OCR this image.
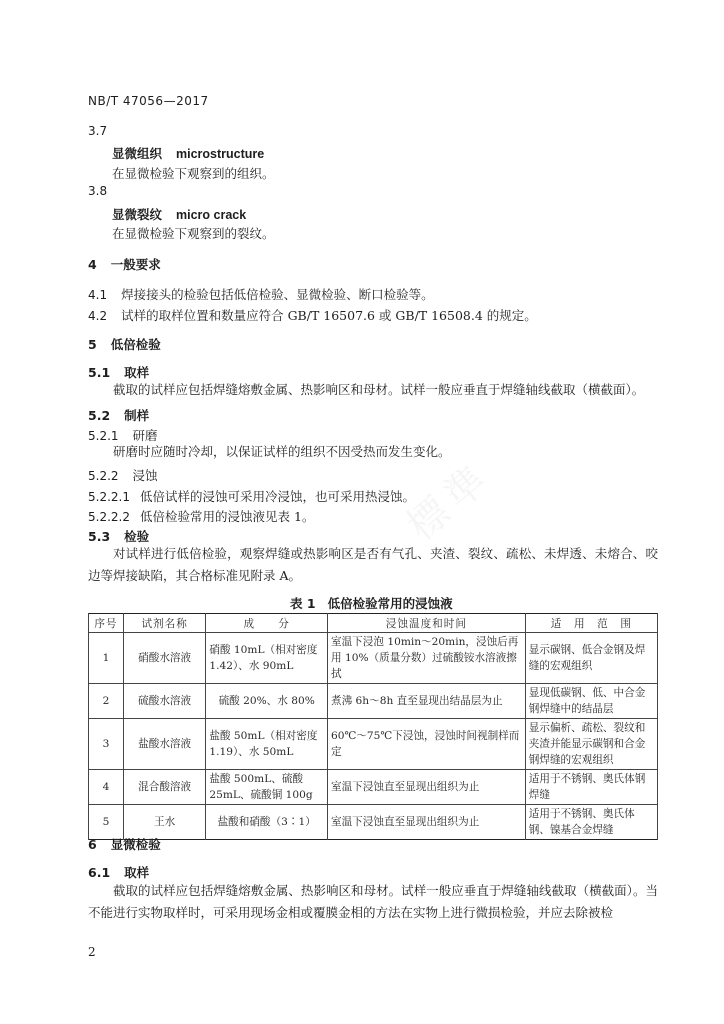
標準
NB/T 47056—2017
3.7
显微组织 microstructure
在显微检验下观察到的组织。
3.8
显微裂纹 micro crack
在显微检验下观察到的裂纹。
4 一般要求
4.1 焊接接头的检验包括低倍检验、显微检验、断口检验等。
4.2 试样的取样位置和数量应符合 GB/T 16507.6 或 GB/T 16508.4 的规定。
5 低倍检验
5.1 取样
截取的试样应包括焊缝熔敷金属、热影响区和母材。试样一般应垂直于焊缝轴线截取（横截面）。
5.2 制样
5.2.1 研磨
研磨时应随时冷却，以保证试样的组织不因受热而发生变化。
5.2.2 浸蚀
5.2.2.1 低倍试样的浸蚀可采用冷浸蚀，也可采用热浸蚀。
5.2.2.2 低倍检验常用的浸蚀液见表 1。
5.3 检验
对试样进行低倍检验，观察焊缝或热影响区是否有气孔、夹渣、裂纹、疏松、未焊透、未熔合、咬边等焊接缺陷，其合格标准见附录 A。
表 1 低倍检验常用的浸蚀液
序号	试剂名称	成　　分	浸蚀温度和时间	适　用　范　围
1	硝酸水溶液	硝酸 10mL（相对密度 1.42）、水 90mL	室温下浸泡 10min～20min，浸蚀后再用 10%（质量分数）过硫酸铵水溶液擦拭	显示碳钢、低合金钢及焊缝的宏观组织
2	硫酸水溶液	硫酸 20%、水 80%	煮沸 6h～8h 直至显现出结晶层为止	显现低碳钢、低、中合金钢焊缝中的结晶层
3	盐酸水溶液	盐酸 50mL（相对密度 1.19）、水 50mL	60℃～75℃下浸蚀，浸蚀时间视制样而定	显示偏析、疏松、裂纹和夹渣并能显示碳钢和合金钢焊缝的宏观组织
4	混合酸溶液	盐酸 500mL、硫酸 25mL、硫酸铜 100g	室温下浸蚀直至显现出组织为止	适用于不锈钢、奥氏体钢焊缝
5	王水	盐酸和硝酸（3∶1）	室温下浸蚀直至显现出组织为止	适用于不锈钢、奥氏体钢、镍基合金焊缝
6 显微检验
6.1 取样
截取的试样应包括焊缝熔敷金属、热影响区和母材。试样一般应垂直于焊缝轴线截取（横截面）。当不能进行实物取样时，可采用现场金相或覆膜金相的方法在实物上进行微损检验，并应去除被检
2
